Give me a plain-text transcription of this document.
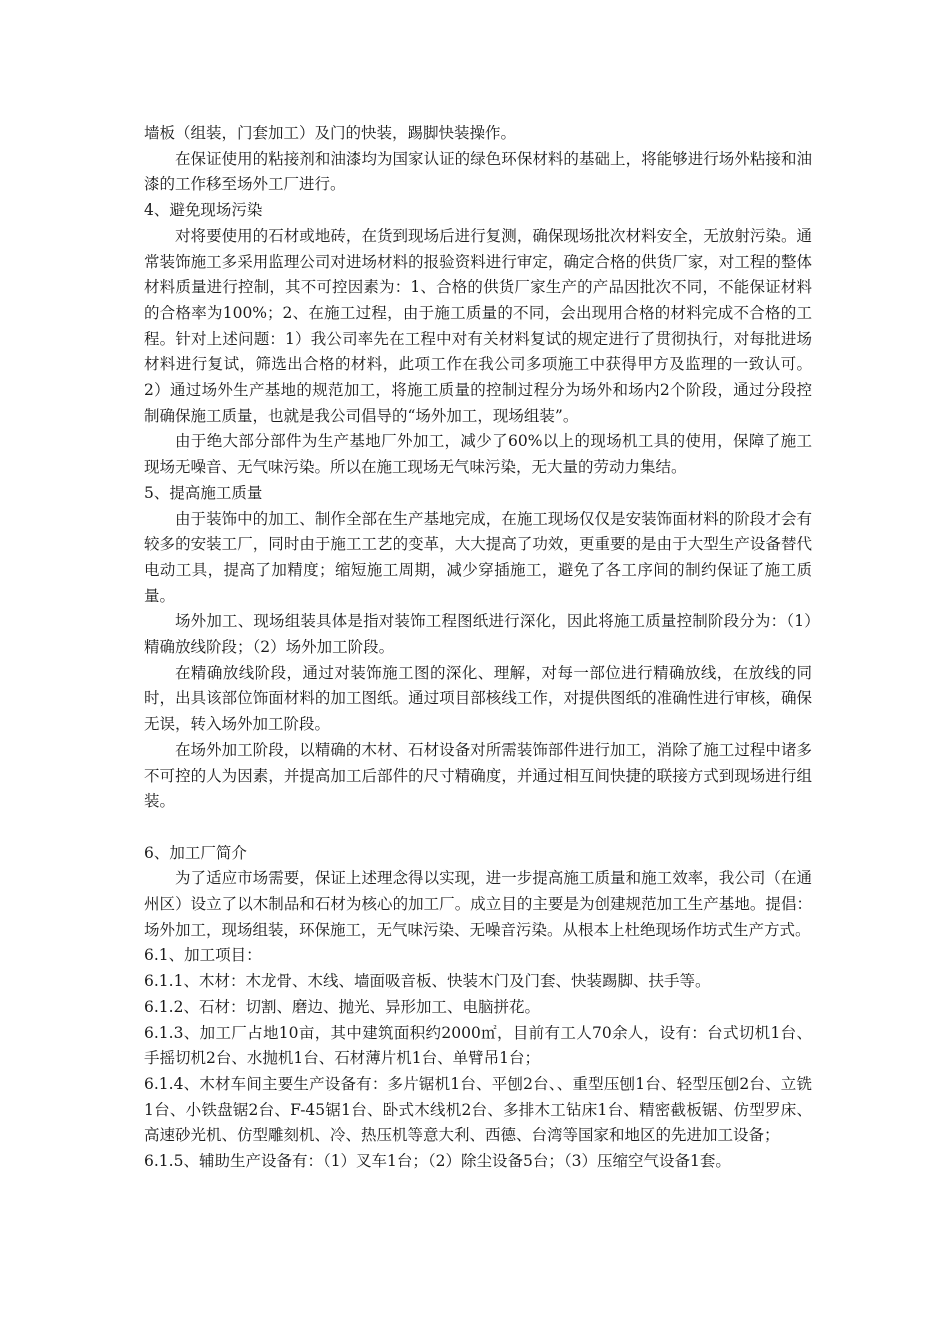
墙板（组装，门套加工）及门的快装，踢脚快装操作。

在保证使用的粘接剂和油漆均为国家认证的绿色环保材料的基础上，将能够进行场外粘接和油漆的工作移至场外工厂进行。

4、避免现场污染

对将要使用的石材或地砖，在货到现场后进行复测，确保现场批次材料安全，无放射污染。通常装饰施工多采用监理公司对进场材料的报验资料进行审定，确定合格的供货厂家，对工程的整体材料质量进行控制，其不可控因素为：1、合格的供货厂家生产的产品因批次不同，不能保证材料的合格率为100%；2、在施工过程，由于施工质量的不同，会出现用合格的材料完成不合格的工程。针对上述问题：1）我公司率先在工程中对有关材料复试的规定进行了贯彻执行，对每批进场材料进行复试，筛选出合格的材料，此项工作在我公司多项施工中获得甲方及监理的一致认可。2）通过场外生产基地的规范加工，将施工质量的控制过程分为场外和场内2个阶段，通过分段控制确保施工质量，也就是我公司倡导的“场外加工，现场组装”。

由于绝大部分部件为生产基地厂外加工，减少了60%以上的现场机工具的使用，保障了施工现场无噪音、无气味污染。所以在施工现场无气味污染，无大量的劳动力集结。

5、提高施工质量

由于装饰中的加工、制作全部在生产基地完成，在施工现场仅仅是安装饰面材料的阶段才会有较多的安装工厂，同时由于施工工艺的变革，大大提高了功效，更重要的是由于大型生产设备替代电动工具，提高了加精度；缩短施工周期，减少穿插施工，避免了各工序间的制约保证了施工质量。

场外加工、现场组装具体是指对装饰工程图纸进行深化，因此将施工质量控制阶段分为：（1）精确放线阶段；（2）场外加工阶段。

在精确放线阶段，通过对装饰施工图的深化、理解，对每一部位进行精确放线，在放线的同时，出具该部位饰面材料的加工图纸。通过项目部核线工作，对提供图纸的准确性进行审核，确保无误，转入场外加工阶段。

在场外加工阶段，以精确的木材、石材设备对所需装饰部件进行加工，消除了施工过程中诸多不可控的人为因素，并提高加工后部件的尺寸精确度，并通过相互间快捷的联接方式到现场进行组装。

6、加工厂简介

为了适应市场需要，保证上述理念得以实现，进一步提高施工质量和施工效率，我公司（在通州区）设立了以木制品和石材为核心的加工厂。成立目的主要是为创建规范加工生产基地。提倡：场外加工，现场组装，环保施工，无气味污染、无噪音污染。从根本上杜绝现场作坊式生产方式。

6.1、加工项目：

6.1.1、木材：木龙骨、木线、墙面吸音板、快装木门及门套、快装踢脚、扶手等。

6.1.2、石材：切割、磨边、抛光、异形加工、电脑拼花。

6.1.3、加工厂占地10亩，其中建筑面积约2000㎡，目前有工人70余人，设有：台式切机1台、手摇切机2台、水抛机1台、石材薄片机1台、单臂吊1台；

6.1.4、木材车间主要生产设备有：多片锯机1台、平刨2台、、重型压刨1台、轻型压刨2台、立铣1台、小铁盘锯2台、F-45锯1台、卧式木线机2台、多排木工钻床1台、精密截板锯、仿型罗床、高速砂光机、仿型雕刻机、冷、热压机等意大利、西德、台湾等国家和地区的先进加工设备；

6.1.5、辅助生产设备有：（1）叉车1台；（2）除尘设备5台；（3）压缩空气设备1套。
